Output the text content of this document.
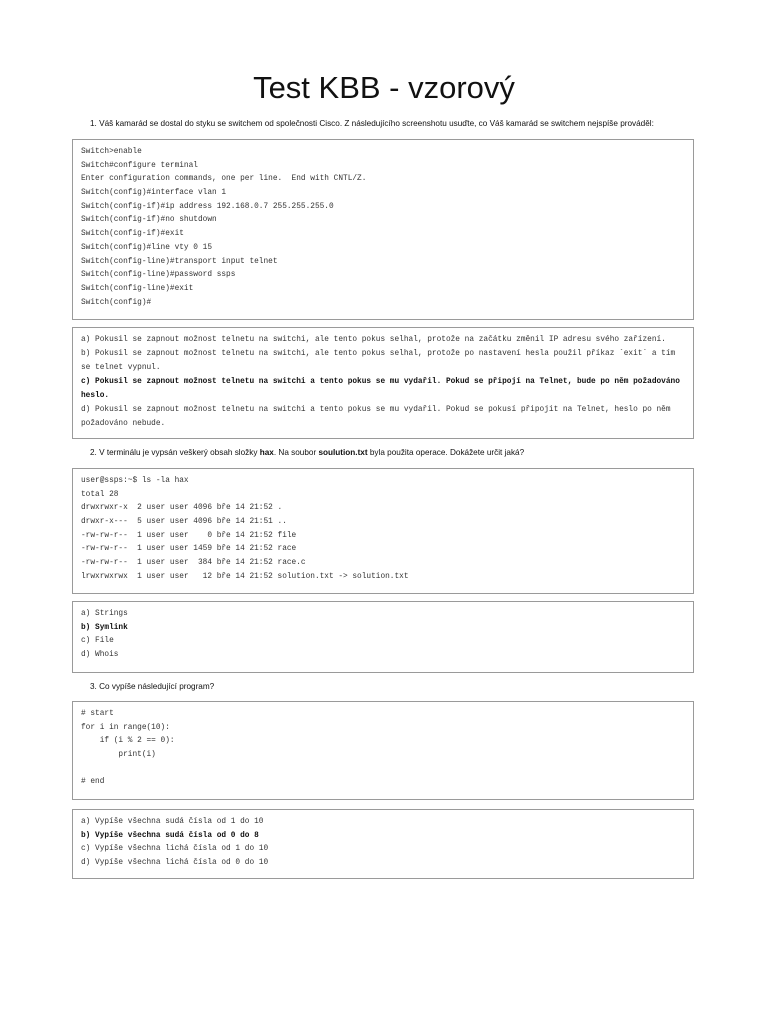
Test KBB - vzorový
1. Váš kamarád se dostal do styku se switchem od společnosti Cisco. Z následujícího screenshotu usuďte, co Váš kamarád se switchem nejspíše prováděl:
Switch>enable
Switch#configure terminal
Enter configuration commands, one per line.  End with CNTL/Z.
Switch(config)#interface vlan 1
Switch(config-if)#ip address 192.168.0.7 255.255.255.0
Switch(config-if)#no shutdown
Switch(config-if)#exit
Switch(config)#line vty 0 15
Switch(config-line)#transport input telnet
Switch(config-line)#password ssps
Switch(config-line)#exit
Switch(config)#
a) Pokusil se zapnout možnost telnetu na switchi, ale tento pokus selhal, protože na začátku změnil IP adresu svého zařízení.
b) Pokusil se zapnout možnost telnetu na switchi, ale tento pokus selhal, protože po nastavení hesla použil příkaz `exit` a tím se telnet vypnul.
c) Pokusil se zapnout možnost telnetu na switchi a tento pokus se mu vydařil. Pokud se připojí na Telnet, bude po něm požadováno heslo.
d) Pokusil se zapnout možnost telnetu na switchi a tento pokus se mu vydařil. Pokud se pokusí připojit na Telnet, heslo po něm požadováno nebude.
2. V terminálu je vypsán veškerý obsah složky hax. Na soubor soulution.txt byla použita operace. Dokážete určit jaká?
user@ssps:~$ ls -la hax
total 28
drwxrwxr-x  2 user user 4096 bře 14 21:52 .
drwxr-x---  5 user user 4096 bře 14 21:51 ..
-rw-rw-r--  1 user user    0 bře 14 21:52 file
-rw-rw-r--  1 user user 1459 bře 14 21:52 race
-rw-rw-r--  1 user user  384 bře 14 21:52 race.c
lrwxrwxrwx  1 user user   12 bře 14 21:52 solution.txt -> solution.txt
a) Strings
b) Symlink
c) File
d) Whois
3. Co vypíše následující program?
# start
for i in range(10):
if (i % 2 == 0):
print(i)
# end
a) Vypíše všechna sudá čísla od 1 do 10
b) Vypíše všechna sudá čísla od 0 do 8
c) Vypíše všechna lichá čísla od 1 do 10
d) Vypíše všechna lichá čísla od 0 do 10
